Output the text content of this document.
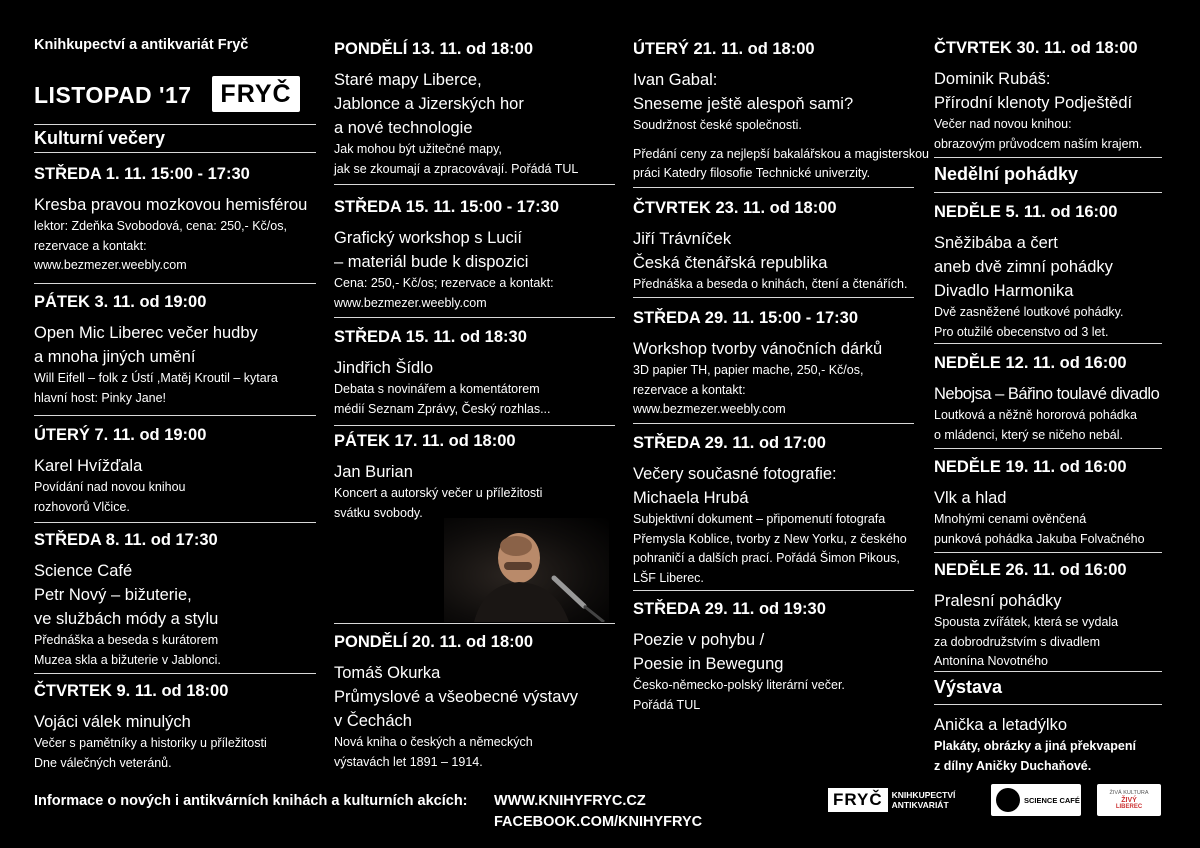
Knihkupectví a antikvariát Fryč
LISTOPAD '17	FRYČ
Kulturní večery
STŘEDA 1. 11. 15:00 - 17:30
Kresba pravou mozkovou hemisférou
lektor: Zdeňka Svobodová, cena: 250,- Kč/os,
rezervace a kontakt:
www.bezmezer.weebly.com
PÁTEK 3. 11. od 19:00
Open Mic Liberec večer hudby
a mnoha jiných umění
Will Eifell – folk z Ústí ,Matěj Kroutil – kytara
hlavní host: Pinky Jane!
ÚTERÝ 7. 11. od 19:00
Karel Hvížďala
Povídání nad novou knihou
rozhovorů Vlčice.
STŘEDA 8. 11. od 17:30
Science Café
Petr Nový – bižuterie,
ve službách módy a stylu
Přednáška a beseda s kurátorem
Muzea skla a bižuterie v Jablonci.
ČTVRTEK 9. 11. od 18:00
Vojáci válek minulých
Večer s pamětníky a historiky u příležitosti
Dne válečných veteránů.
PONDĚLÍ 13. 11. od 18:00
Staré mapy Liberce,
Jablonce a Jizerských hor
a nové technologie
Jak mohou být užitečné mapy,
jak se zkoumají a zpracovávají. Pořádá TUL
STŘEDA 15. 11. 15:00 - 17:30
Grafický workshop s Lucií
– materiál bude k dispozici
Cena: 250,- Kč/os; rezervace a kontakt:
www.bezmezer.weebly.com
STŘEDA 15. 11. od 18:30
Jindřich Šídlo
Debata s novinářem a komentátorem
médií Seznam Zprávy, Český rozhlas...
PÁTEK 17. 11. od 18:00
Jan Burian
Koncert a autorský večer u příležitosti
svátku svobody.
PONDĚLÍ 20. 11. od 18:00
Tomáš Okurka
Průmyslové a všeobecné výstavy
v Čechách
Nová kniha o českých a německých
výstavách let 1891 – 1914.
ÚTERÝ 21. 11. od 18:00
Ivan Gabal:
Sneseme ještě alespoň sami?
Soudržnost české společnosti.
Předání ceny za nejlepší bakalářskou a magisterskou
práci Katedry filosofie Technické univerzity.
ČTVRTEK 23. 11. od 18:00
Jiří Trávníček
Česká čtenářská republika
Přednáška a beseda o knihách, čtení a čtenářích.
STŘEDA 29. 11. 15:00 - 17:30
Workshop tvorby vánočních dárků
3D papier TH, papier mache, 250,- Kč/os,
rezervace a kontakt:
www.bezmezer.weebly.com
STŘEDA 29. 11. od 17:00
Večery současné fotografie:
Michaela Hrubá
Subjektivní dokument – připomenutí fotografa
Přemysla Koblice, tvorby z New Yorku, z českého
pohraničí a dalších prací. Pořádá Šimon Pikous,
LŠF Liberec.
STŘEDA 29. 11. od 19:30
Poezie v pohybu /
Poesie in Bewegung
Česko-německo-polský literární večer.
Pořádá TUL
ČTVRTEK 30. 11. od 18:00
Dominik Rubáš:
Přírodní klenoty Podještědí
Večer nad novou knihou:
obrazovým průvodcem naším krajem.
Nedělní pohádky
NEDĚLE 5. 11. od 16:00
Sněžibába a čert
aneb dvě zimní pohádky
Divadlo Harmonika
Dvě zasněžené loutkové pohádky.
Pro otužilé obecenstvo od 3 let.
NEDĚLE 12. 11. od 16:00
Nebojsa – Bářino toulavé divadlo
Loutková a něžně hororová pohádka
o mládenci, který se ničeho nebál.
NEDĚLE 19. 11. od 16:00
Vlk a hlad
Mnohými cenami ověnčená
punková pohádka Jakuba Folvačného
NEDĚLE 26. 11. od 16:00
Pralesní pohádky
Spousta zvířátek, která se vydala
za dobrodružstvím s divadlem
Antonína Novotného
Výstava
Anička a letadýlko
Plakáty, obrázky a jiná překvapení
z dílny Aničky Duchaňové.
Informace o nových i antikvárních knihách a kulturních akcích: WWW.KNIHYFRYC.CZ
FACEBOOK.COM/KNIHYFRYC
FRYČ	KNIHKUPECTVÍ
ANTIKVARIÁT	SCIENCE CAFÉ
ŽIVÁ KULTURA
ŽIVÝ
LIBEREC
